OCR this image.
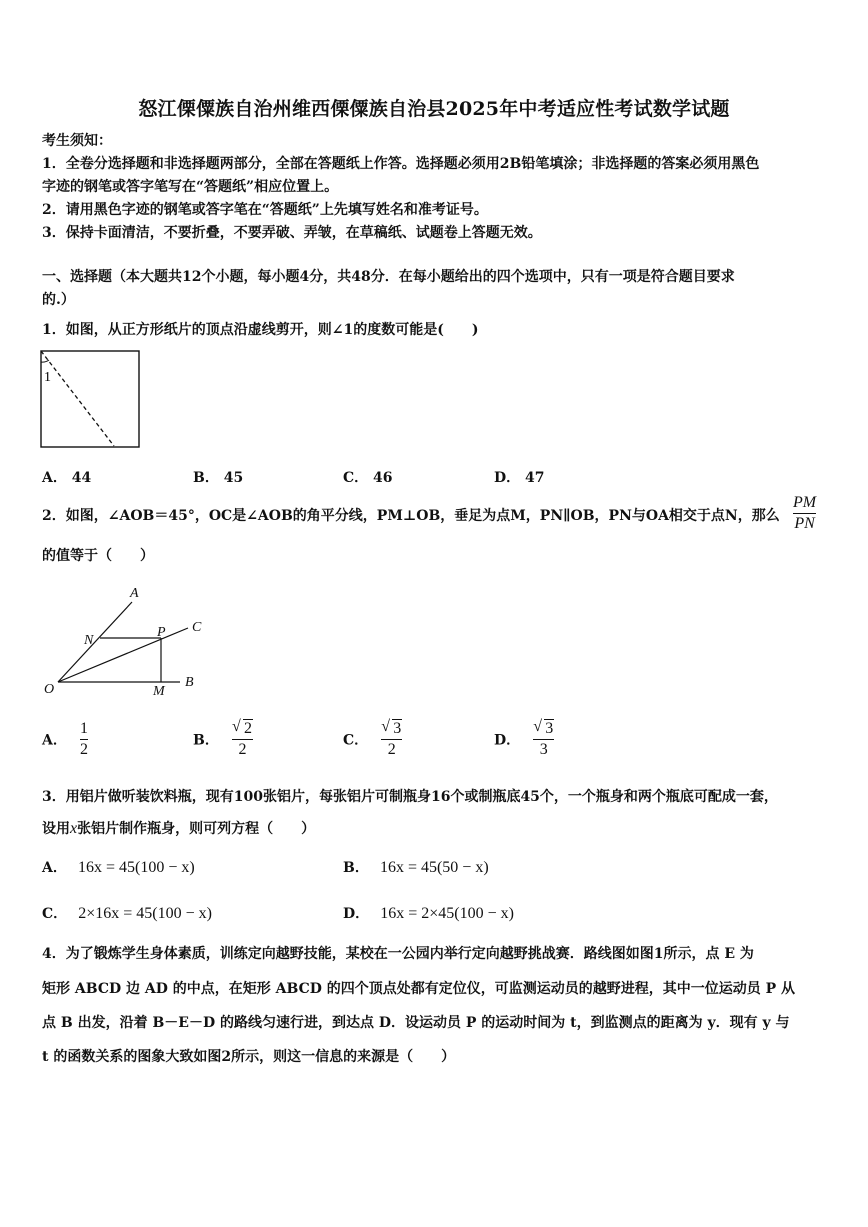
怒江傈僳族自治州维西傈僳族自治县2025年中考适应性考试数学试题
考生须知：
1．全卷分选择题和非选择题两部分，全部在答题纸上作答。选择题必须用2B铅笔填涂；非选择题的答案必须用黑色
字迹的钢笔或答字笔写在“答题纸”相应位置上。
2．请用黑色字迹的钢笔或答字笔在“答题纸”上先填写姓名和准考证号。
3．保持卡面清洁，不要折叠，不要弄破、弄皱，在草稿纸、试题卷上答题无效。
一、选择题（本大题共12个小题，每小题4分，共48分．在每小题给出的四个选项中，只有一项是符合题目要求
的.）
1．如图，从正方形纸片的顶点沿虚线剪开，则∠1的度数可能是(　　)
1
A． 44	B． 45	C． 46	D． 47
2．如图，∠AOB＝45°，OC是∠AOB的角平分线，PM⊥OB，垂足为点M，PN∥OB，PN与OA相交于点N，那么 $\frac{PM}{PN}$
的值等于（　　）
A
C
N
P
O	M
B
A． $\frac{1}{2}$	B． $\frac{√ 2}{2}$	C． $\frac{√ 3}{2}$	D． $\frac{√ 3}{3}$
3．用铝片做听装饮料瓶，现有100张铝片，每张铝片可制瓶身16个或制瓶底45个，一个瓶身和两个瓶底可配成一套，
设用x张铝片制作瓶身，则可列方程（　　）
A． 16x = 45(100 − x)	B． 16x = 45(50 − x)
C． 2×16x = 45(100 − x)	D． 16x = 2×45(100 − x)
4．为了锻炼学生身体素质，训练定向越野技能，某校在一公园内举行定向越野挑战赛．路线图如图1所示，点 E 为
矩形 ABCD 边 AD 的中点，在矩形 ABCD 的四个顶点处都有定位仪，可监测运动员的越野进程，其中一位运动员 P 从
点 B 出发，沿着 B－E－D 的路线匀速行进，到达点 D．设运动员 P 的运动时间为 t，到监测点的距离为 y．现有 y 与
t 的函数关系的图象大致如图2所示，则这一信息的来源是（　　）
